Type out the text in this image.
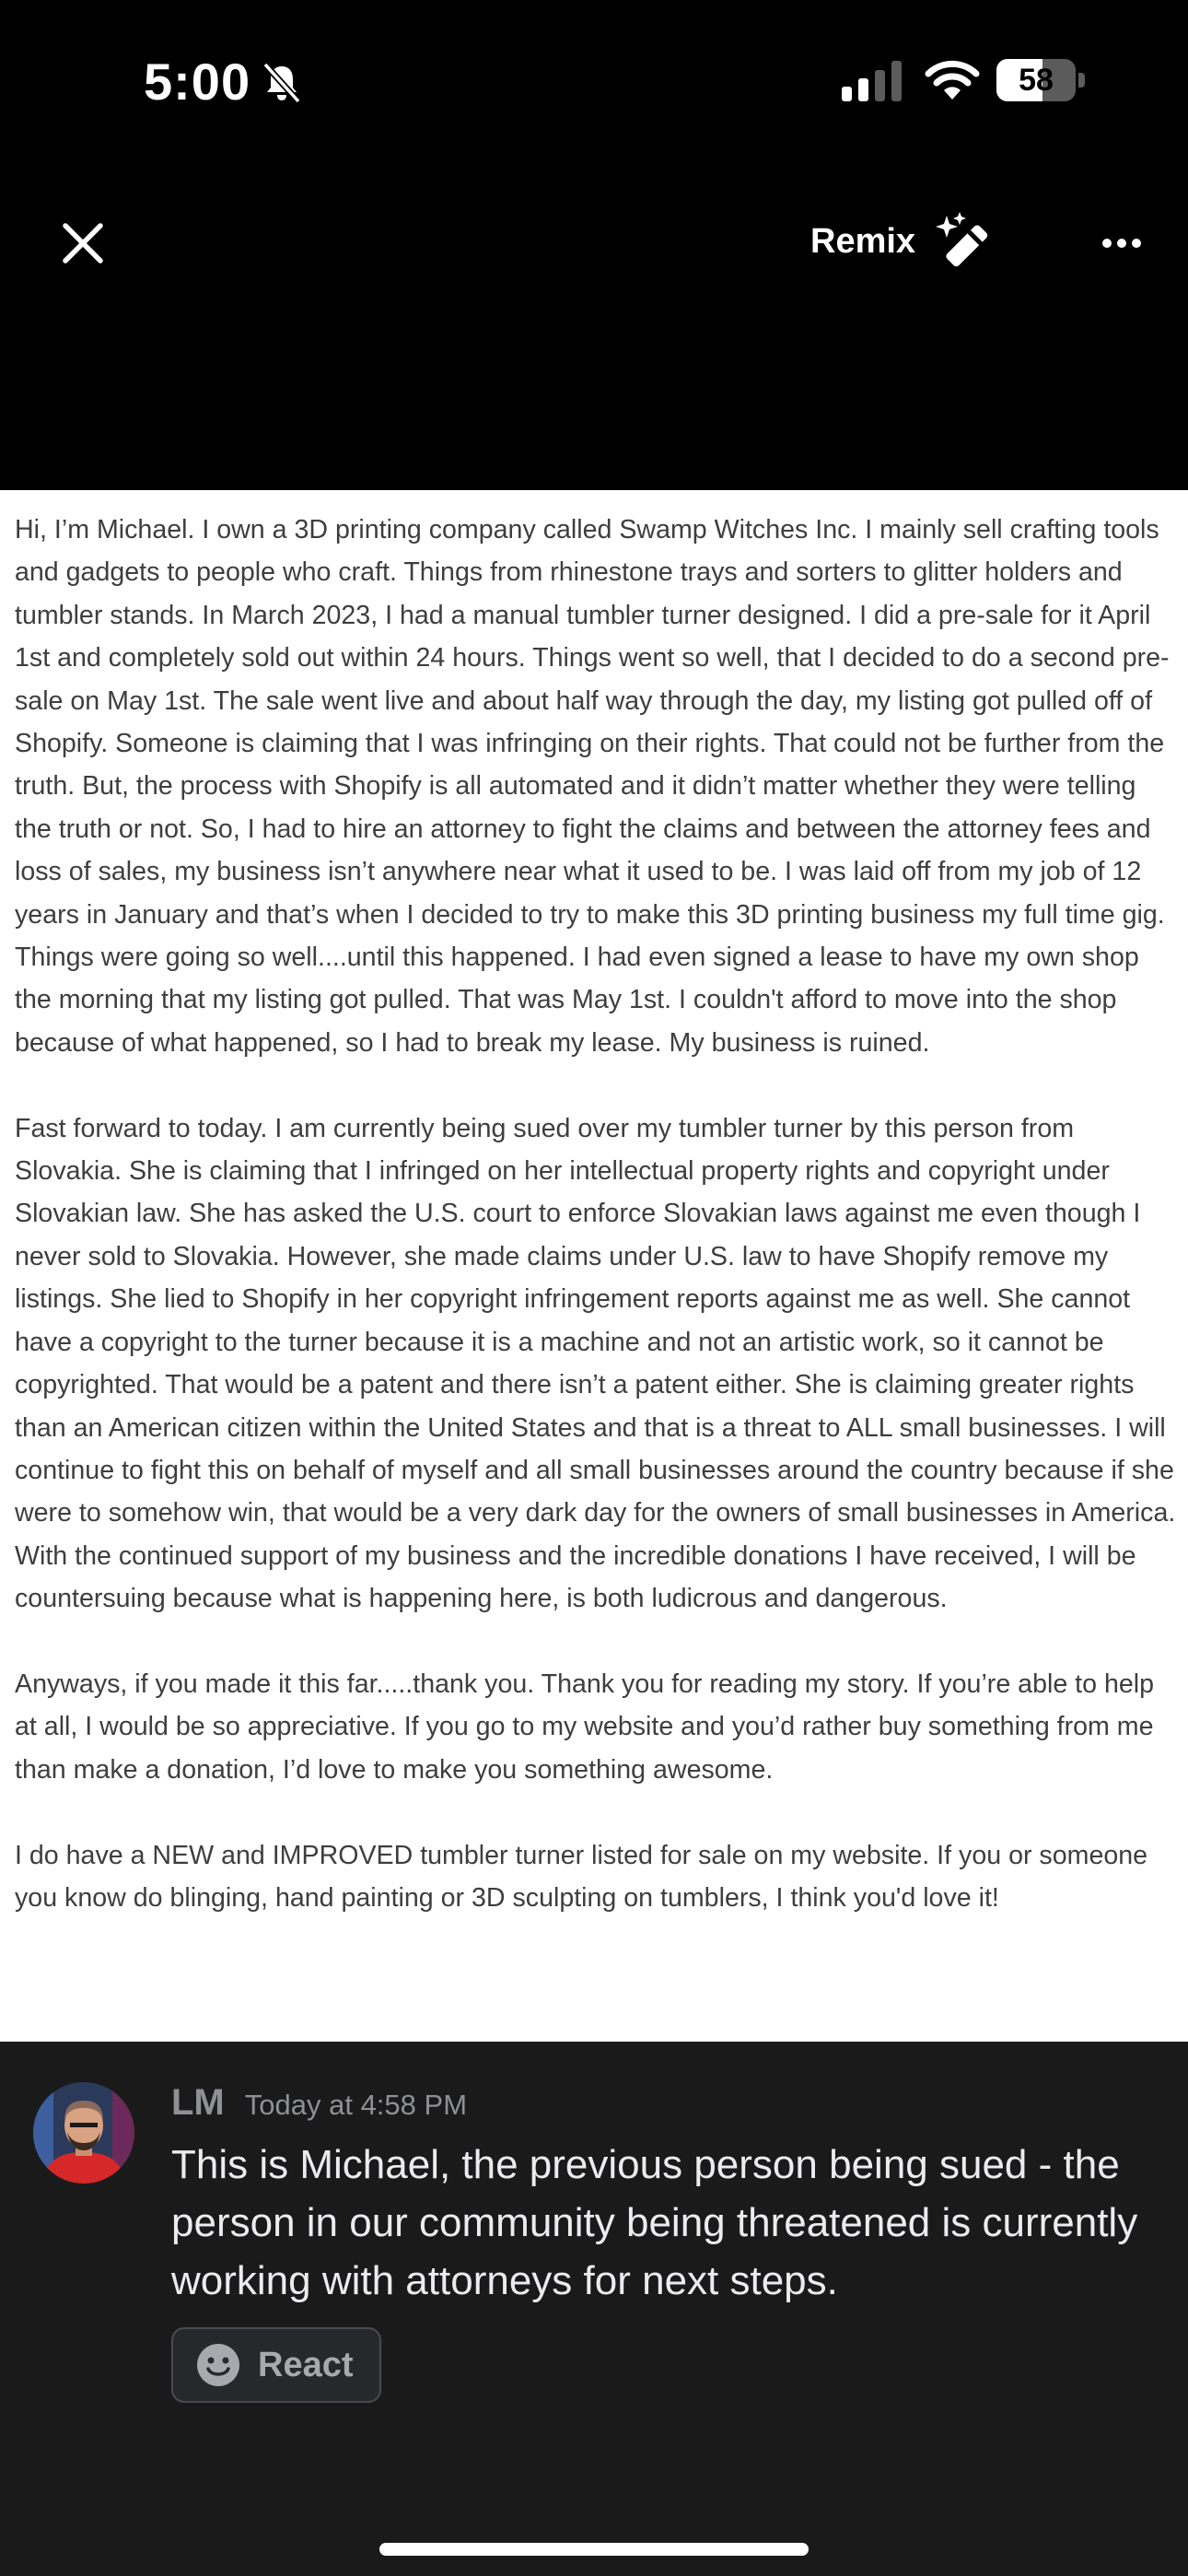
5:00	58
Remix

Hi, I’m Michael. I own a 3D printing company called Swamp Witches Inc. I mainly sell crafting tools and gadgets to people who craft. Things from rhinestone trays and sorters to glitter holders and tumbler stands. In March 2023, I had a manual tumbler turner designed. I did a pre-sale for it April 1st and completely sold out within 24 hours. Things went so well, that I decided to do a second pre-sale on May 1st. The sale went live and about half way through the day, my listing got pulled off of Shopify. Someone is claiming that I was infringing on their rights. That could not be further from the truth. But, the process with Shopify is all automated and it didn’t matter whether they were telling the truth or not. So, I had to hire an attorney to fight the claims and between the attorney fees and loss of sales, my business isn’t anywhere near what it used to be. I was laid off from my job of 12 years in January and that’s when I decided to try to make this 3D printing business my full time gig. Things were going so well....until this happened. I had even signed a lease to have my own shop the morning that my listing got pulled. That was May 1st. I couldn't afford to move into the shop because of what happened, so I had to break my lease. My business is ruined.

Fast forward to today. I am currently being sued over my tumbler turner by this person from Slovakia. She is claiming that I infringed on her intellectual property rights and copyright under Slovakian law. She has asked the U.S. court to enforce Slovakian laws against me even though I never sold to Slovakia. However, she made claims under U.S. law to have Shopify remove my listings. She lied to Shopify in her copyright infringement reports against me as well. She cannot have a copyright to the turner because it is a machine and not an artistic work, so it cannot be copyrighted. That would be a patent and there isn’t a patent either. She is claiming greater rights than an American citizen within the United States and that is a threat to ALL small businesses. I will continue to fight this on behalf of myself and all small businesses around the country because if she were to somehow win, that would be a very dark day for the owners of small businesses in America. With the continued support of my business and the incredible donations I have received, I will be countersuing because what is happening here, is both ludicrous and dangerous.

Anyways, if you made it this far.....thank you. Thank you for reading my story. If you’re able to help at all, I would be so appreciative. If you go to my website and you’d rather buy something from me than make a donation, I’d love to make you something awesome.

I do have a NEW and IMPROVED tumbler turner listed for sale on my website. If you or someone you know do blinging, hand painting or 3D sculpting on tumblers, I think you'd love it!

LM Today at 4:58 PM
This is Michael, the previous person being sued - the person in our community being threatened is currently working with attorneys for next steps.
React
